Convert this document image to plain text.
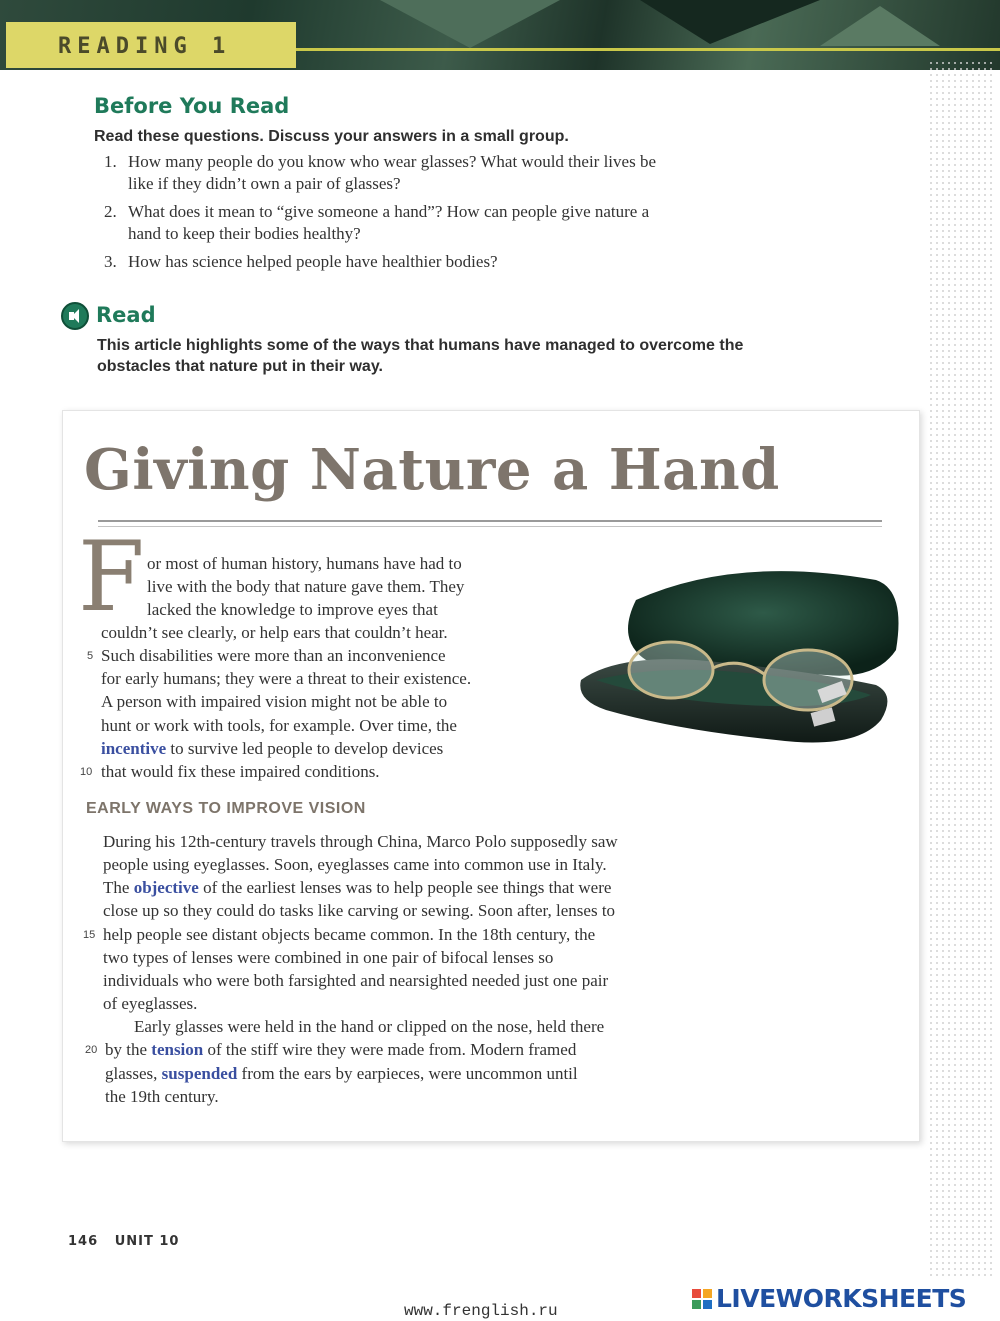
READING 1
Before You Read
Read these questions. Discuss your answers in a small group.
1. How many people do you know who wear glasses? What would their lives be
like if they didn’t own a pair of glasses?
2. What does it mean to “give someone a hand”? How can people give nature a
hand to keep their bodies healthy?
3. How has science helped people have healthier bodies?
Read
This article highlights some of the ways that humans have managed to overcome the
obstacles that nature put in their way.
Giving Nature a Hand
F or most of human history, humans have had to
live with the body that nature gave them. They
lacked the knowledge to improve eyes that
couldn’t see clearly, or help ears that couldn’t hear.
5 Such disabilities were more than an inconvenience
for early humans; they were a threat to their existence.
A person with impaired vision might not be able to
hunt or work with tools, for example. Over time, the
incentive to survive led people to develop devices
10 that would fix these impaired conditions.
EARLY WAYS TO IMPROVE VISION
During his 12th-century travels through China, Marco Polo supposedly saw
people using eyeglasses. Soon, eyeglasses came into common use in Italy.
The objective of the earliest lenses was to help people see things that were
close up so they could do tasks like carving or sewing. Soon after, lenses to
15 help people see distant objects became common. In the 18th century, the
two types of lenses were combined in one pair of bifocal lenses so
individuals who were both farsighted and nearsighted needed just one pair
of eyeglasses.
Early glasses were held in the hand or clipped on the nose, held there
20 by the tension of the stiff wire they were made from. Modern framed
glasses, suspended from the ears by earpieces, were uncommon until
the 19th century.
146   UNIT 10
www.frenglish.ru	LIVEWORKSHEETS
